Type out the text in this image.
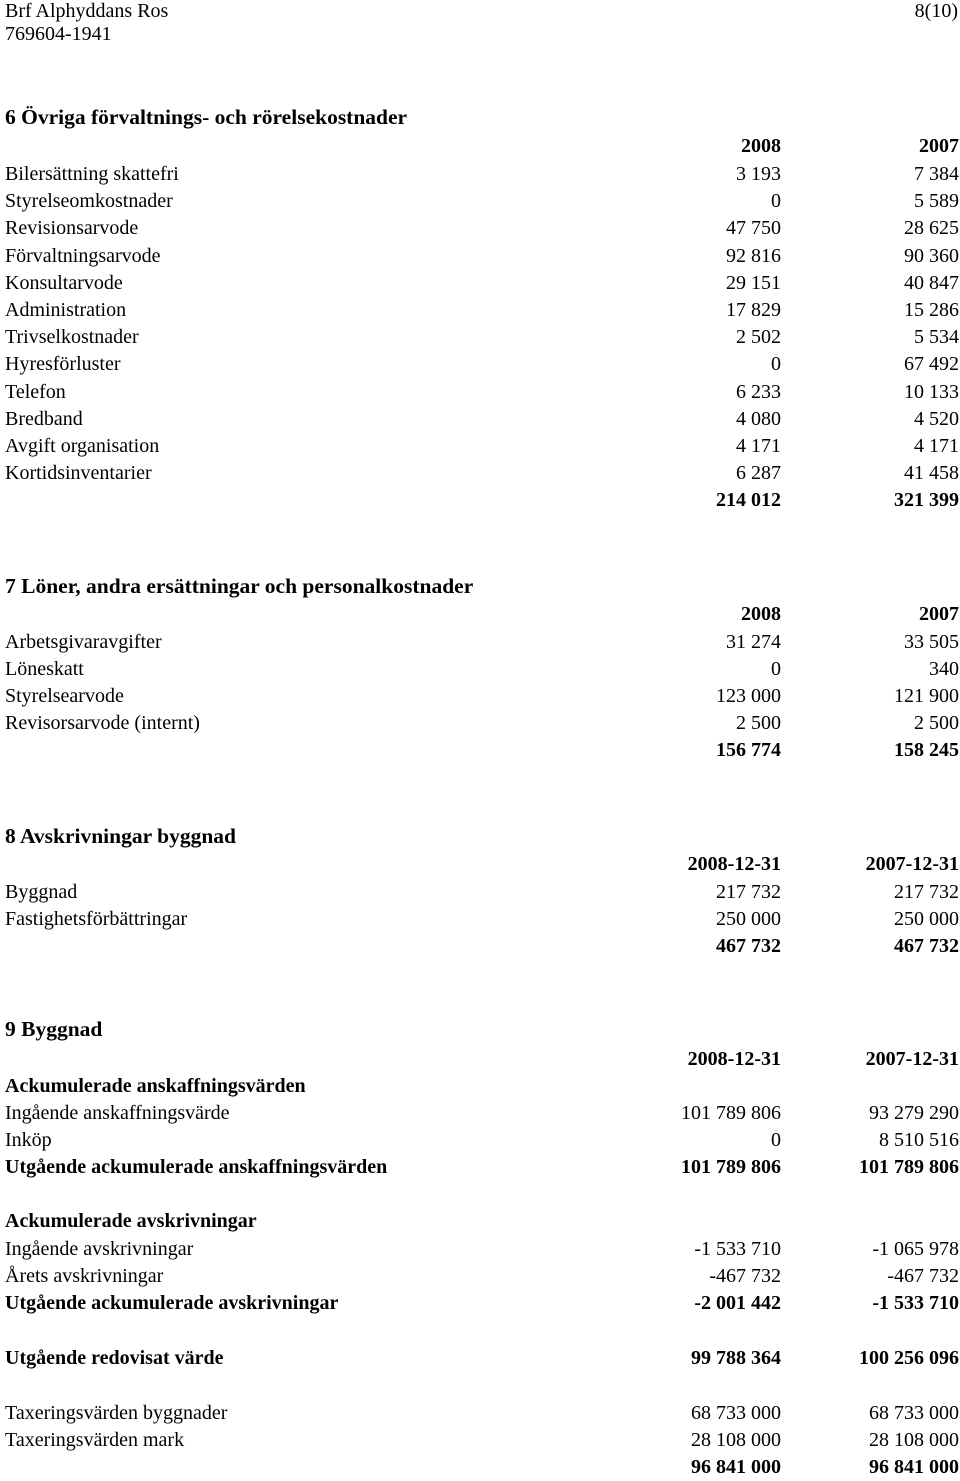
Brf Alphyddans Ros	8(10)
769604-1941
6 Övriga förvaltnings- och rörelsekostnader
2008	2007
Bilersättning skattefri	3 193	7 384
Styrelseomkostnader	0	5 589
Revisionsarvode	47 750	28 625
Förvaltningsarvode	92 816	90 360
Konsultarvode	29 151	40 847
Administration	17 829	15 286
Trivselkostnader	2 502	5 534
Hyresförluster	0	67 492
Telefon	6 233	10 133
Bredband	4 080	4 520
Avgift organisation	4 171	4 171
Kortidsinventarier	6 287	41 458
214 012	321 399
7 Löner, andra ersättningar och personalkostnader
2008	2007
Arbetsgivaravgifter	31 274	33 505
Löneskatt	0	340
Styrelsearvode	123 000	121 900
Revisorsarvode (internt)	2 500	2 500
156 774	158 245
8 Avskrivningar byggnad
2008-12-31	2007-12-31
Byggnad	217 732	217 732
Fastighetsförbättringar	250 000	250 000
467 732	467 732
9 Byggnad
2008-12-31	2007-12-31
Ackumulerade anskaffningsvärden
Ingående anskaffningsvärde	101 789 806	93 279 290
Inköp	0	8 510 516
Utgående ackumulerade anskaffningsvärden	101 789 806	101 789 806
Ackumulerade avskrivningar
Ingående avskrivningar	-1 533 710	-1 065 978
Årets avskrivningar	-467 732	-467 732
Utgående ackumulerade avskrivningar	-2 001 442	-1 533 710
Utgående redovisat värde	99 788 364	100 256 096
Taxeringsvärden byggnader	68 733 000	68 733 000
Taxeringsvärden mark	28 108 000	28 108 000
96 841 000	96 841 000
